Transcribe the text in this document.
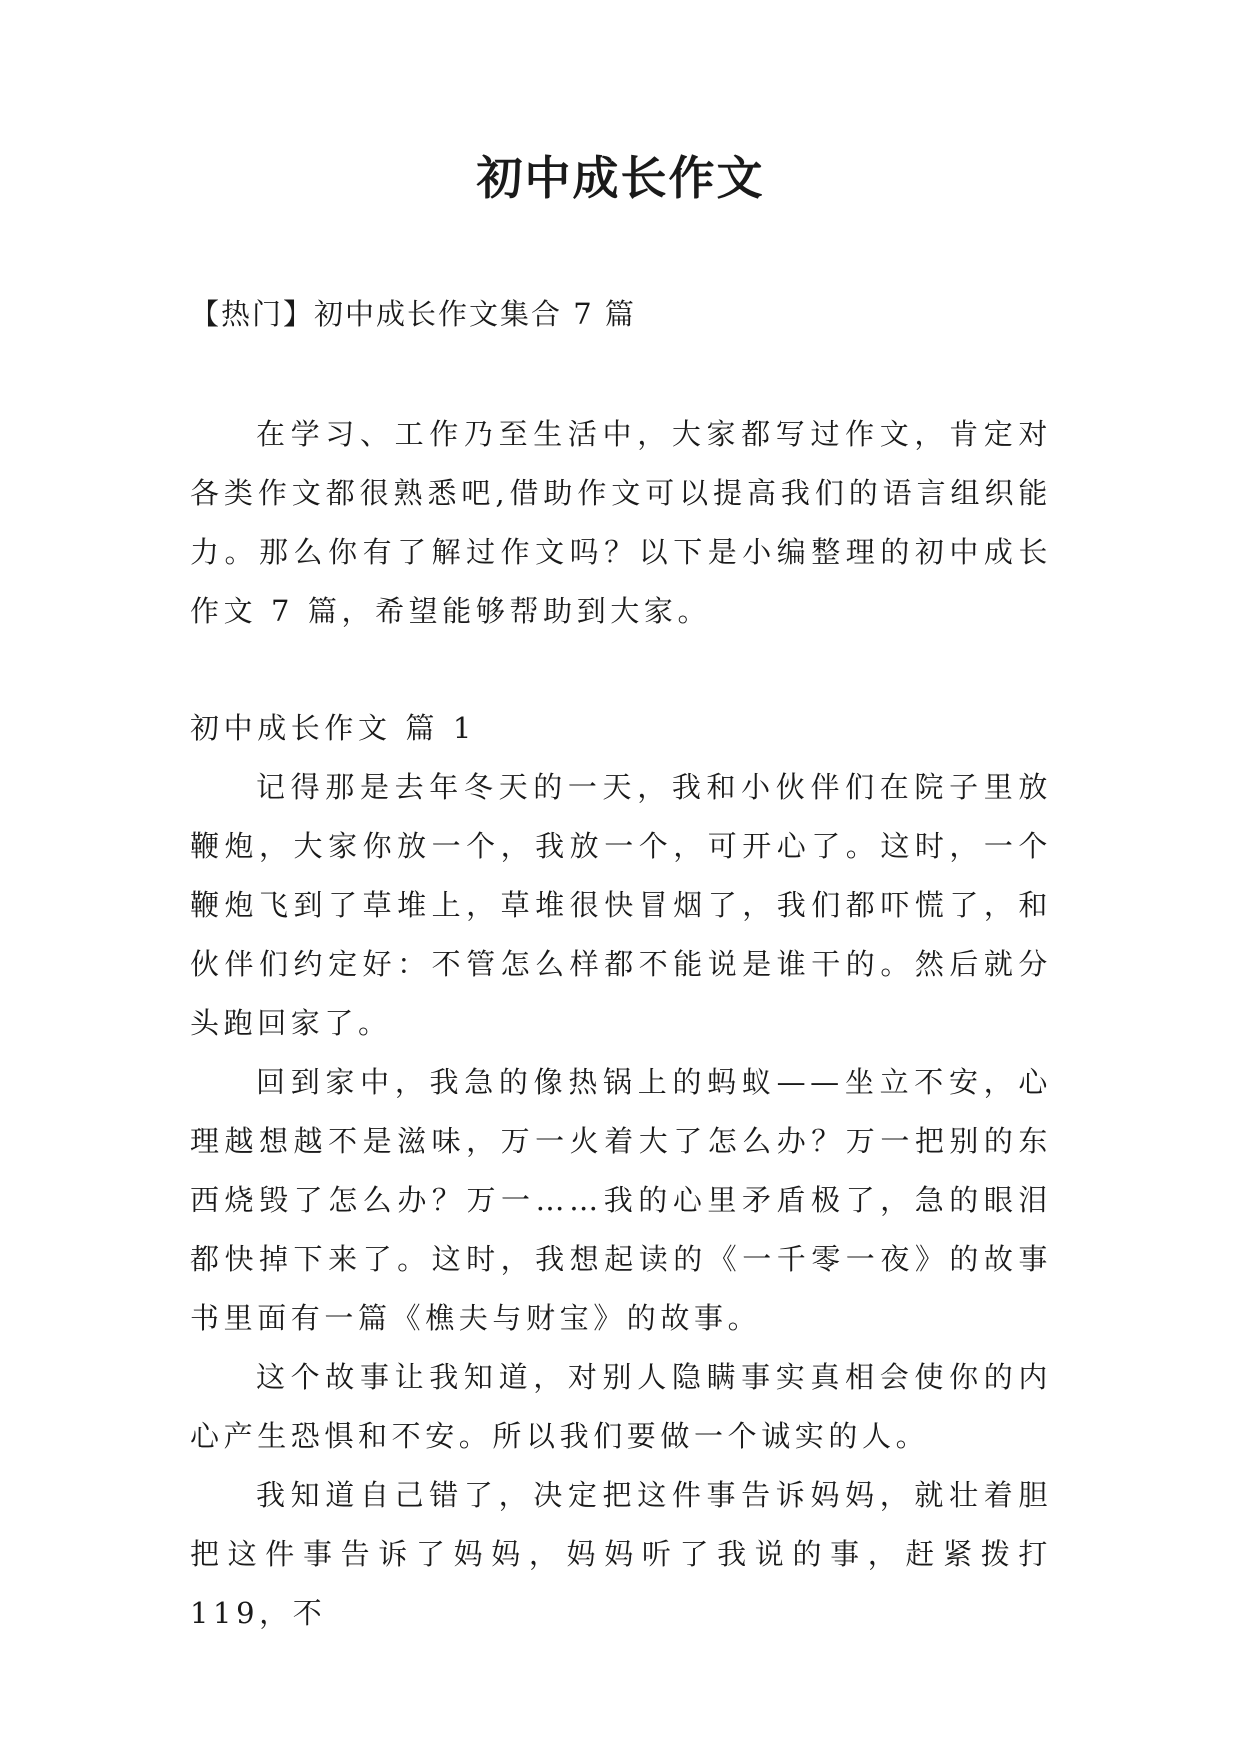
初中成长作文

【热门】初中成长作文集合 7 篇

在学习、工作乃至生活中，大家都写过作文，肯定对各类作文都很熟悉吧,借助作文可以提高我们的语言组织能力。那么你有了解过作文吗？以下是小编整理的初中成长作文 7 篇，希望能够帮助到大家。

初中成长作文 篇 1

记得那是去年冬天的一天，我和小伙伴们在院子里放鞭炮，大家你放一个，我放一个，可开心了。这时，一个鞭炮飞到了草堆上，草堆很快冒烟了，我们都吓慌了，和伙伴们约定好：不管怎么样都不能说是谁干的。然后就分头跑回家了。

回到家中，我急的像热锅上的蚂蚁——坐立不安，心理越想越不是滋味，万一火着大了怎么办？万一把别的东西烧毁了怎么办？万一……我的心里矛盾极了，急的眼泪都快掉下来了。这时，我想起读的《一千零一夜》的故事书里面有一篇《樵夫与财宝》的故事。

这个故事让我知道，对别人隐瞒事实真相会使你的内心产生恐惧和不安。所以我们要做一个诚实的人。

我知道自己错了，决定把这件事告诉妈妈，就壮着胆把这件事告诉了妈妈，妈妈听了我说的事，赶紧拨打 119，不
